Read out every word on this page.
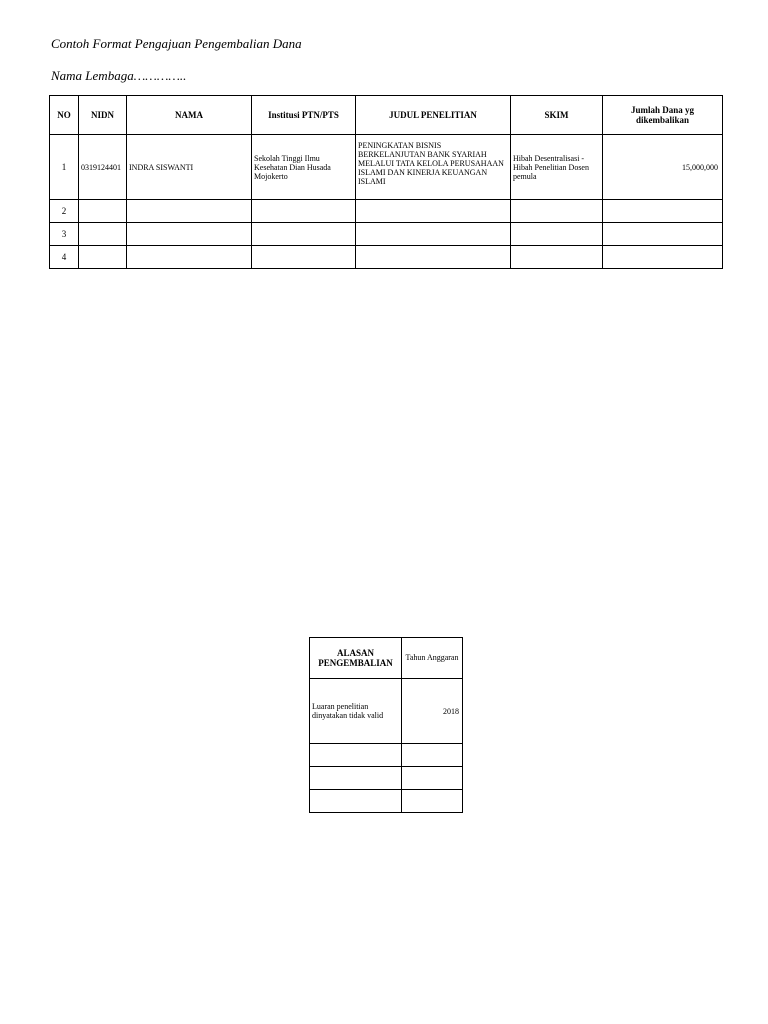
Contoh Format Pengajuan Pengembalian Dana
Nama Lembaga…………..
NO	NIDN	NAMA	Institusi PTN/PTS	JUDUL PENELITIAN	SKIM	Jumlah Dana yg dikembalikan
1	0319124401	INDRA SISWANTI	Sekolah Tinggi Ilmu Kesehatan Dian Husada Mojokerto	PENINGKATAN BISNIS BERKELANJUTAN BANK SYARIAH MELALUI TATA KELOLA PERUSAHAAN ISLAMI DAN KINERJA KEUANGAN ISLAMI	Hibah Desentralisasi - Hibah Penelitian Dosen pemula	15,000,000
2						
3						
4						
ALASAN PENGEMBALIAN	Tahun Anggaran
Luaran penelitian dinyatakan tidak valid	2018
